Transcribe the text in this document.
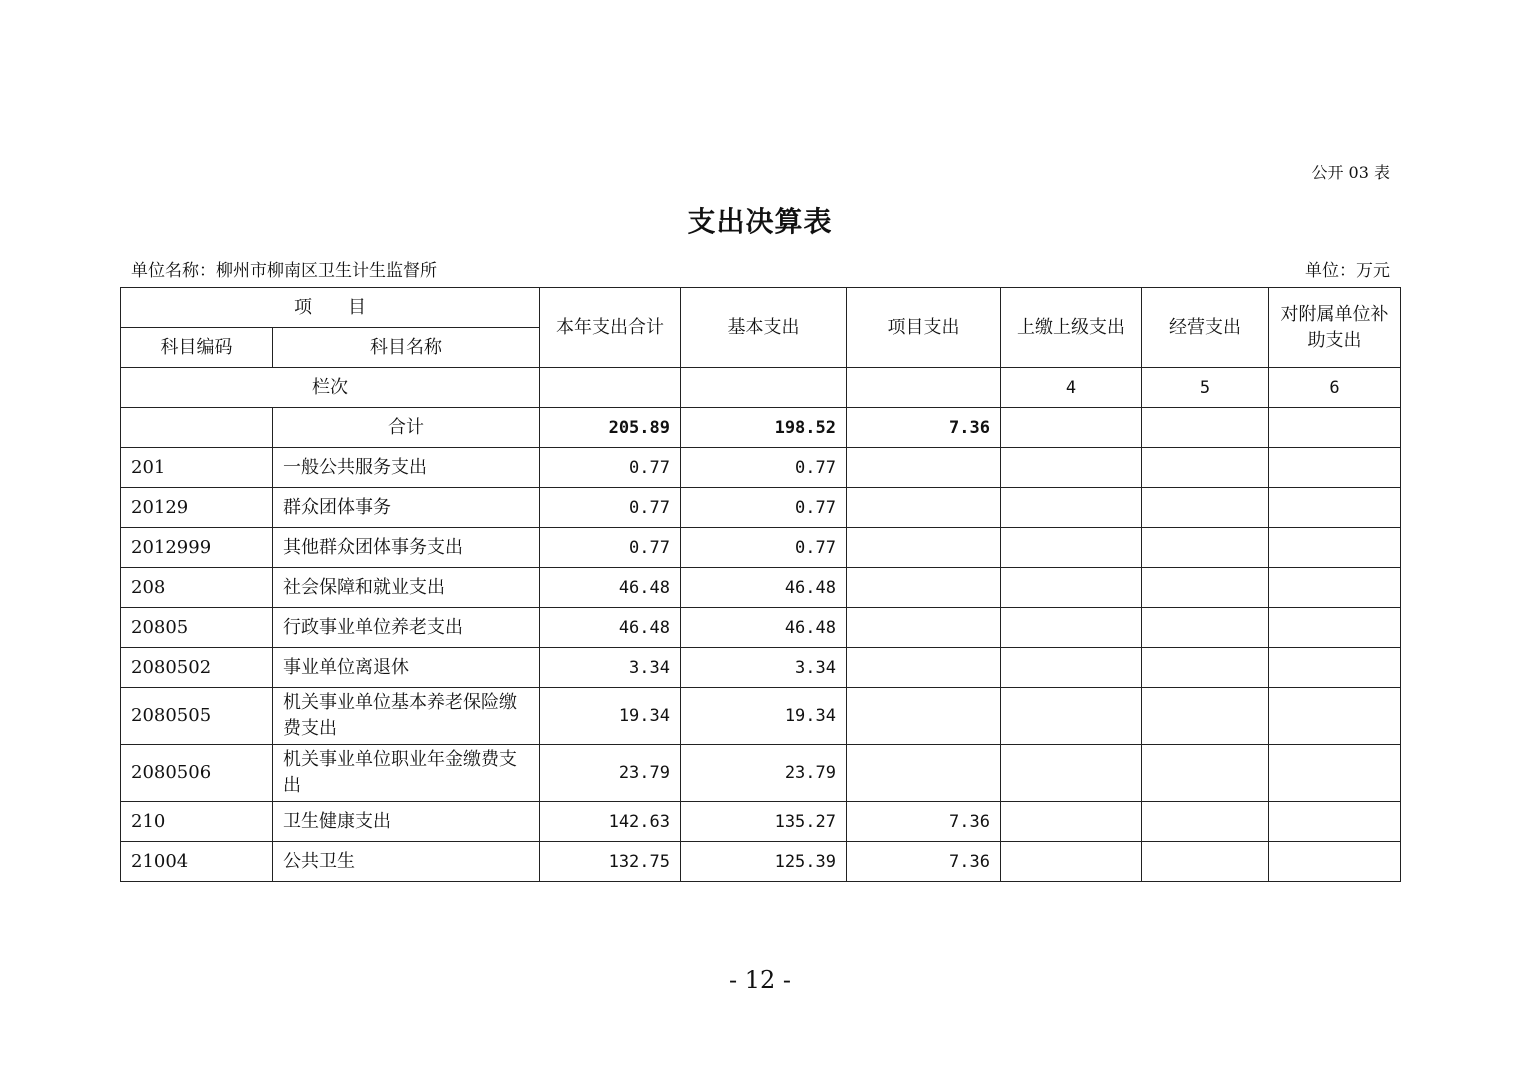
公开 03 表
支出决算表
单位名称：柳州市柳南区卫生计生监督所	单位：万元
项　　目		本年支出合计	基本支出	项目支出	上缴上级支出	经营支出	对附属单位补助支出
科目编码	科目名称						
栏次					4	5	6
	合计	205.89	198.52	7.36			
201	一般公共服务支出	0.77	0.77				
20129	群众团体事务	0.77	0.77				
2012999	其他群众团体事务支出	0.77	0.77				
208	社会保障和就业支出	46.48	46.48				
20805	行政事业单位养老支出	46.48	46.48				
2080502	事业单位离退休	3.34	3.34				
2080505	机关事业单位基本养老保险缴费支出	19.34	19.34				
2080506	机关事业单位职业年金缴费支出	23.79	23.79				
210	卫生健康支出	142.63	135.27	7.36			
21004	公共卫生	132.75	125.39	7.36			
- 12 -
